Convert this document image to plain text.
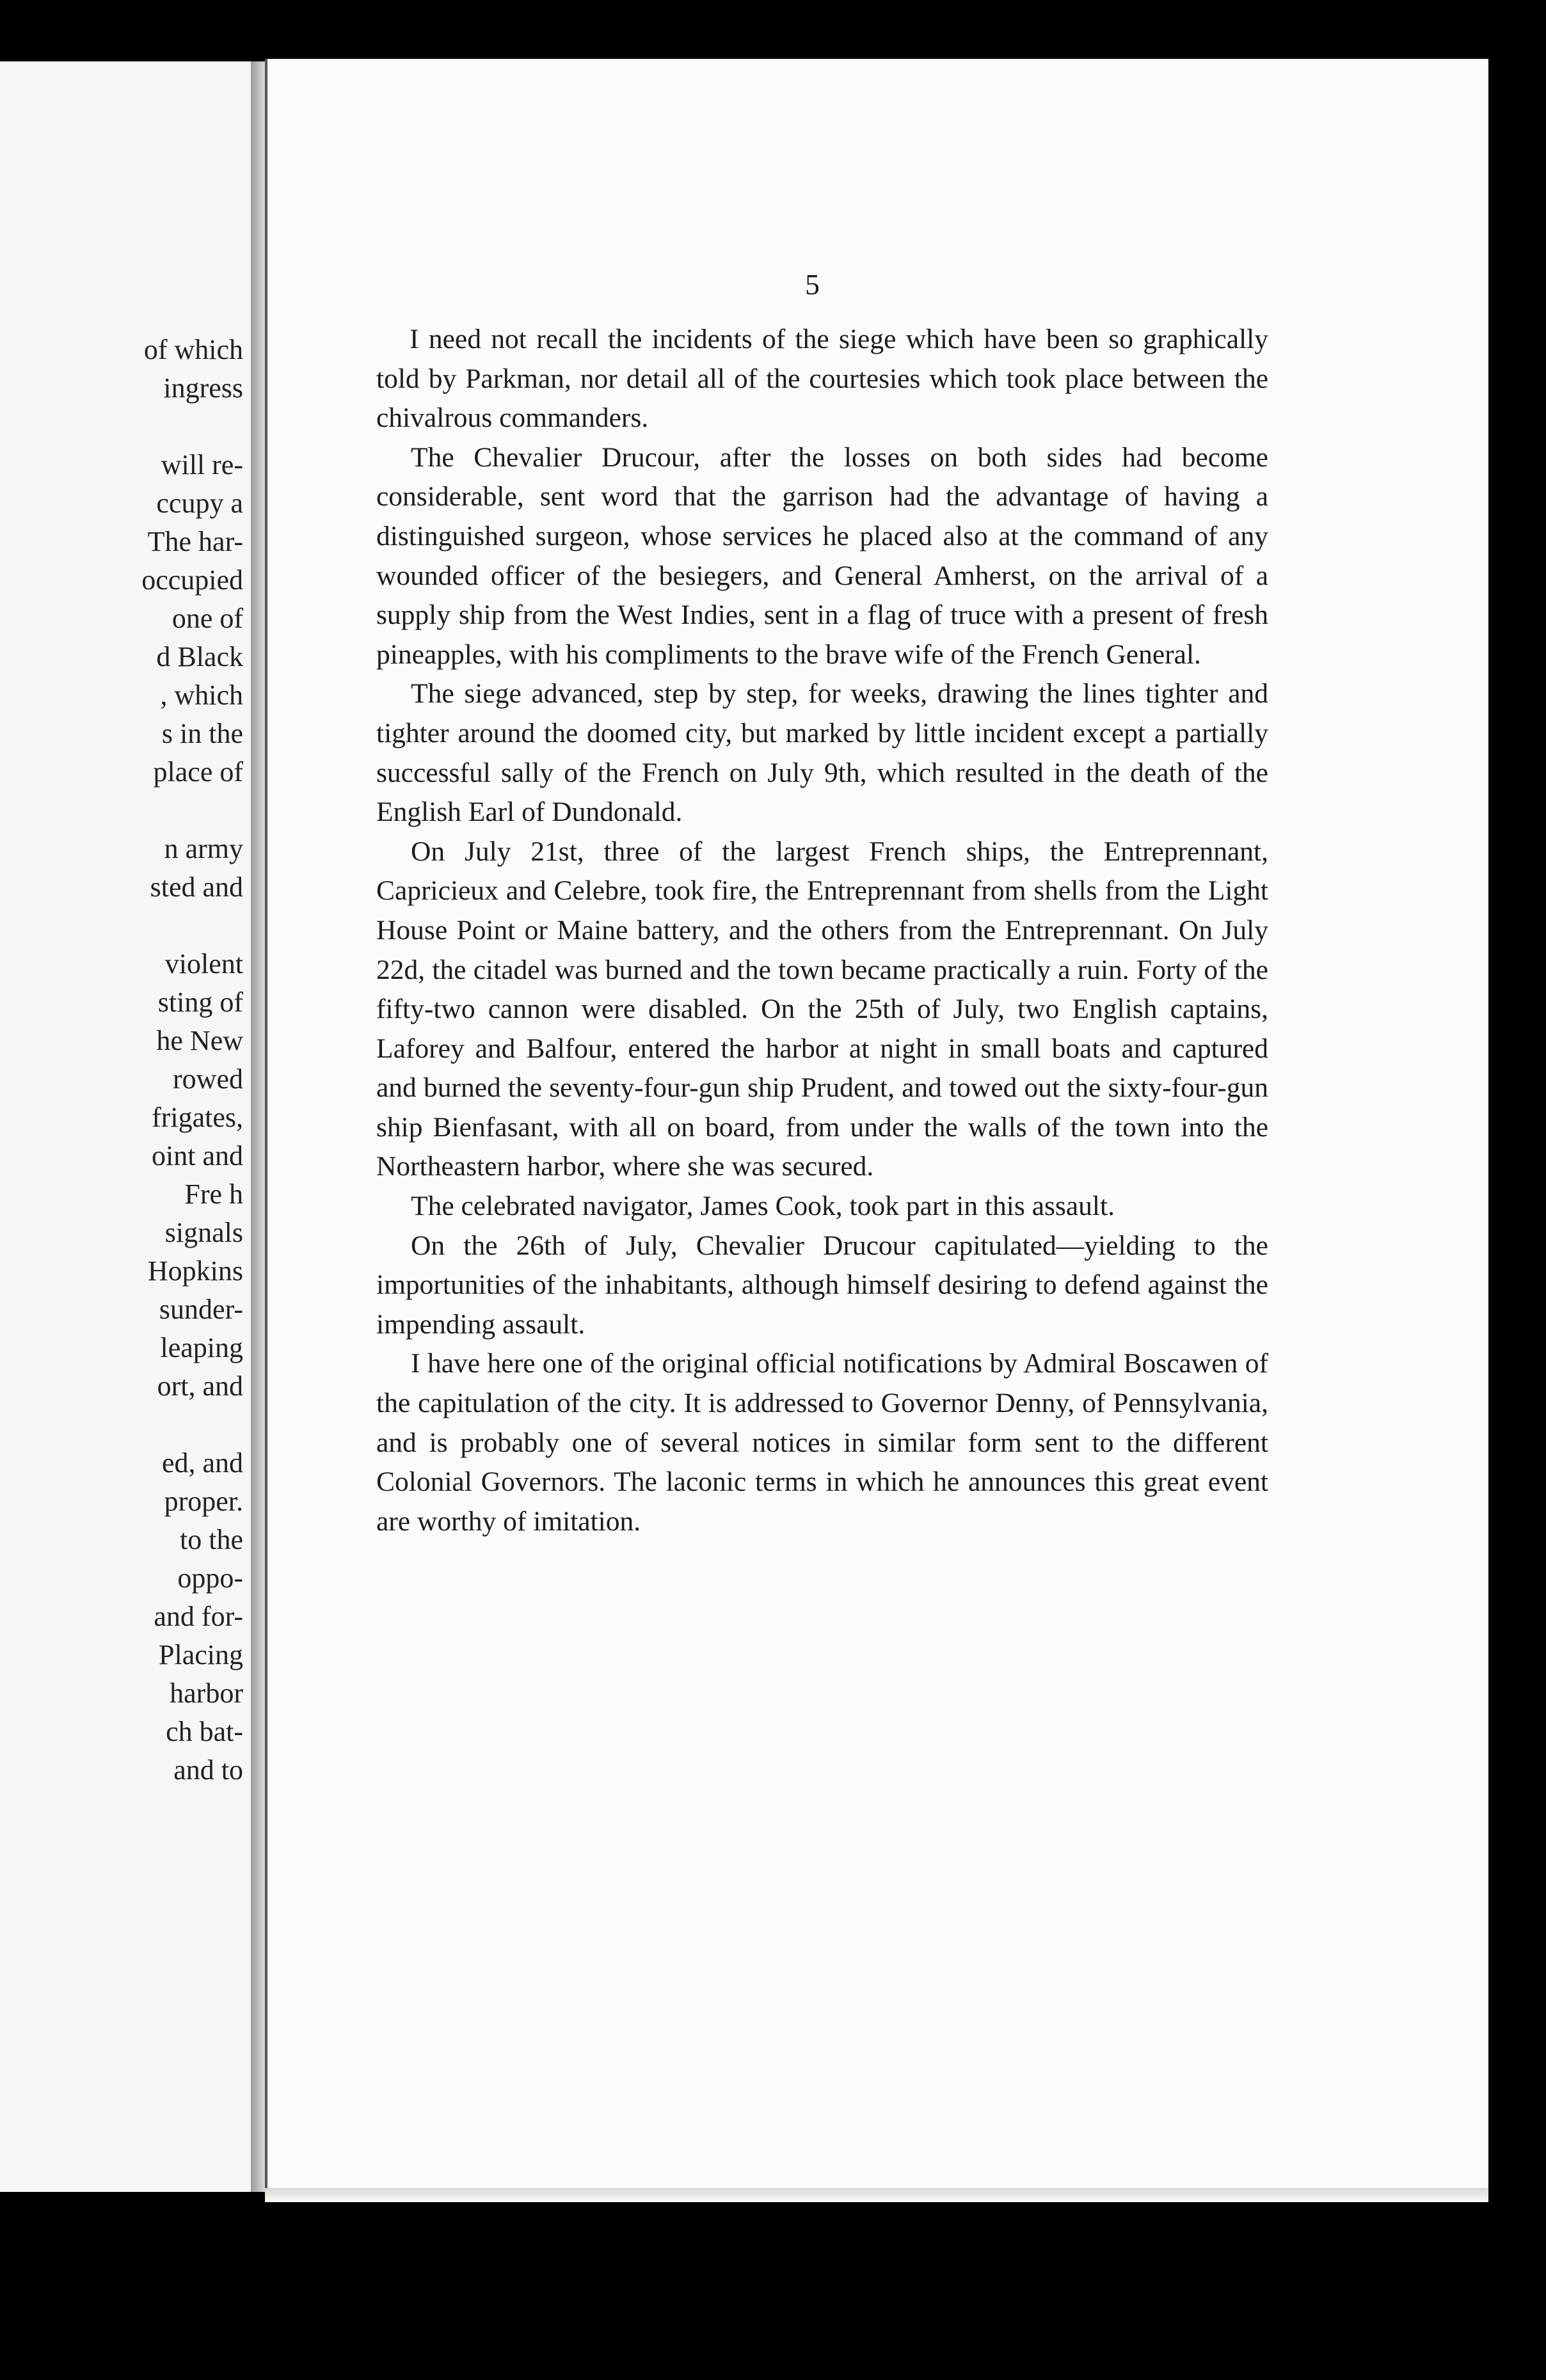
of which
ingress
will re-
ccupy a
The har-
occupied
one of
d Black
, which
s in the
place of
n army
sted and
violent
sting of
he New
rowed
frigates,
oint and
Fre h
signals
Hopkins
sunder-
leaping
ort, and
ed, and
proper.
to the
oppo-
and for-
Placing
harbor
ch bat-
and to
5

I need not recall the incidents of the siege which have been so graphically told by Parkman, nor detail all of the courtesies which took place between the chivalrous commanders.

The Chevalier Drucour, after the losses on both sides had become considerable, sent word that the garrison had the advantage of having a distinguished surgeon, whose services he placed also at the command of any wounded officer of the besiegers, and General Amherst, on the arrival of a supply ship from the West Indies, sent in a flag of truce with a present of fresh pineapples, with his compliments to the brave wife of the French General.

The siege advanced, step by step, for weeks, drawing the lines tighter and tighter around the doomed city, but marked by little incident except a partially successful sally of the French on July 9th, which resulted in the death of the English Earl of Dundonald.

On July 21st, three of the largest French ships, the Entreprennant, Capricieux and Celebre, took fire, the Entreprennant from shells from the Light House Point or Maine battery, and the others from the Entreprennant. On July 22d, the citadel was burned and the town became practically a ruin. Forty of the fifty-two cannon were disabled. On the 25th of July, two English captains, Laforey and Balfour, entered the harbor at night in small boats and captured and burned the seventy-four-gun ship Prudent, and towed out the sixty-four-gun ship Bienfasant, with all on board, from under the walls of the town into the Northeastern harbor, where she was secured.

The celebrated navigator, James Cook, took part in this assault.

On the 26th of July, Chevalier Drucour capitulated—yielding to the importunities of the inhabitants, although himself desiring to defend against the impending assault.

I have here one of the original official notifications by Admiral Boscawen of the capitulation of the city. It is addressed to Governor Denny, of Pennsylvania, and is probably one of several notices in similar form sent to the different Colonial Governors. The laconic terms in which he announces this great event are worthy of imitation.
